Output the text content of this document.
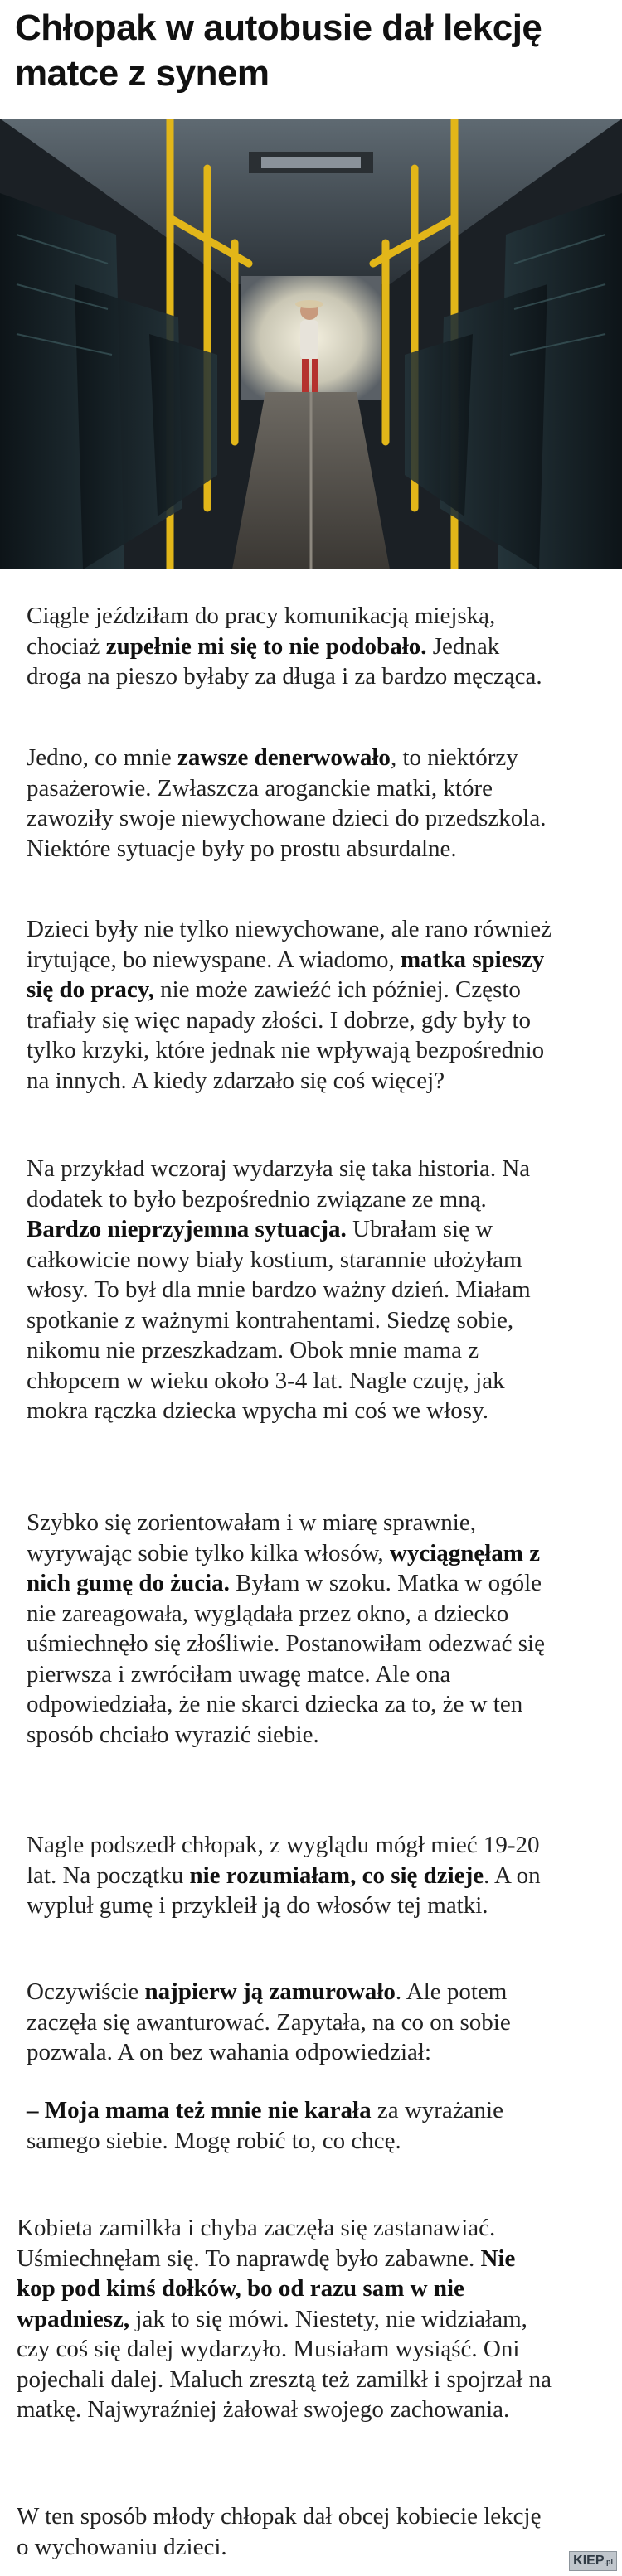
Chłopak w autobusie dał lekcję
matce z synem

Ciągle jeździłam do pracy komunikacją miejską,
chociaż zupełnie mi się to nie podobało. Jednak
droga na pieszo byłaby za długa i za bardzo męcząca.

Jedno, co mnie zawsze denerwowało, to niektórzy
pasażerowie. Zwłaszcza aroganckie matki, które
zawoziły swoje niewychowane dzieci do przedszkola.
Niektóre sytuacje były po prostu absurdalne.

Dzieci były nie tylko niewychowane, ale rano również
irytujące, bo niewyspane. A wiadomo, matka spieszy
się do pracy, nie może zawieźć ich później. Często
trafiały się więc napady złości. I dobrze, gdy były to
tylko krzyki, które jednak nie wpływają bezpośrednio
na innych. A kiedy zdarzało się coś więcej?

Na przykład wczoraj wydarzyła się taka historia. Na
dodatek to było bezpośrednio związane ze mną.
Bardzo nieprzyjemna sytuacja. Ubrałam się w
całkowicie nowy biały kostium, starannie ułożyłam
włosy. To był dla mnie bardzo ważny dzień. Miałam
spotkanie z ważnymi kontrahentami. Siedzę sobie,
nikomu nie przeszkadzam. Obok mnie mama z
chłopcem w wieku około 3-4 lat. Nagle czuję, jak
mokra rączka dziecka wpycha mi coś we włosy.

Szybko się zorientowałam i w miarę sprawnie,
wyrywając sobie tylko kilka włosów, wyciągnęłam z
nich gumę do żucia. Byłam w szoku. Matka w ogóle
nie zareagowała, wyglądała przez okno, a dziecko
uśmiechnęło się złośliwie. Postanowiłam odezwać się
pierwsza i zwróciłam uwagę matce. Ale ona
odpowiedziała, że nie skarci dziecka za to, że w ten
sposób chciało wyrazić siebie.

Nagle podszedł chłopak, z wyglądu mógł mieć 19-20
lat. Na początku nie rozumiałam, co się dzieje. A on
wypluł gumę i przykleił ją do włosów tej matki.

Oczywiście najpierw ją zamurowało. Ale potem
zaczęła się awanturować. Zapytała, na co on sobie
pozwala. A on bez wahania odpowiedział:

– Moja mama też mnie nie karała za wyrażanie
samego siebie. Mogę robić to, co chcę.

Kobieta zamilkła i chyba zaczęła się zastanawiać.
Uśmiechnęłam się. To naprawdę było zabawne. Nie
kop pod kimś dołków, bo od razu sam w nie
wpadniesz, jak to się mówi. Niestety, nie widziałam,
czy coś się dalej wydarzyło. Musiałam wysiąść. Oni
pojechali dalej. Maluch zresztą też zamilkł i spojrzał na
matkę. Najwyraźniej żałował swojego zachowania.

W ten sposób młody chłopak dał obcej kobiecie lekcję
o wychowaniu dzieci.

KIEP.pl
